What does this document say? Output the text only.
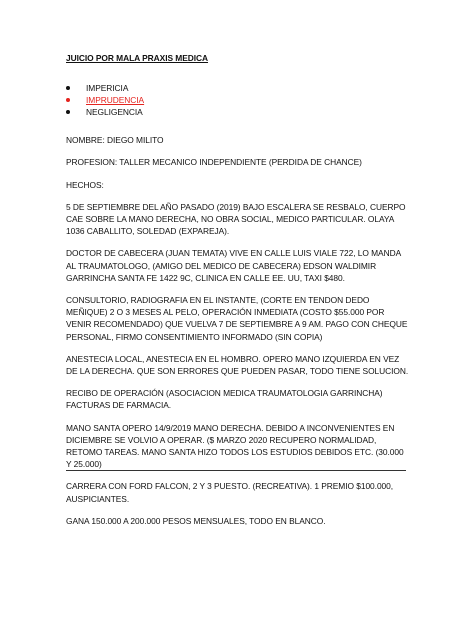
JUICIO POR MALA PRAXIS MEDICA
IMPERICIA
IMPRUDENCIA
NEGLIGENCIA

NOMBRE: DIEGO MILITO

PROFESION: TALLER MECANICO INDEPENDIENTE (PERDIDA DE CHANCE)

HECHOS:

5 DE SEPTIEMBRE DEL AÑO PASADO (2019) BAJO ESCALERA SE RESBALO, CUERPO CAE SOBRE LA MANO DERECHA, NO OBRA SOCIAL, MEDICO PARTICULAR. OLAYA 1036 CABALLITO, SOLEDAD (EXPAREJA).

DOCTOR DE CABECERA (JUAN TEMATA) VIVE EN CALLE LUIS VIALE 722, LO MANDA AL TRAUMATOLOGO, (AMIGO DEL MEDICO DE CABECERA) EDSON WALDIMIR GARRINCHA SANTA FE 1422 9C, CLINICA EN CALLE EE. UU, TAXI $480.

CONSULTORIO, RADIOGRAFIA EN EL INSTANTE, (CORTE EN TENDON DEDO MEÑIQUE) 2 O 3 MESES AL PELO, OPERACIÓN INMEDIATA (COSTO $55.000 POR VENIR RECOMENDADO) QUE VUELVA 7 DE SEPTIEMBRE A 9 AM. PAGO CON CHEQUE PERSONAL, FIRMO CONSENTIMIENTO INFORMADO (SIN COPIA)

ANESTECIA LOCAL, ANESTECIA EN EL HOMBRO. OPERO MANO IZQUIERDA EN VEZ DE LA DERECHA. QUE SON ERRORES QUE PUEDEN PASAR, TODO TIENE SOLUCION.

RECIBO DE OPERACIÓN (ASOCIACION MEDICA TRAUMATOLOGIA GARRINCHA) FACTURAS DE FARMACIA.

MANO SANTA OPERO 14/9/2019 MANO DERECHA. DEBIDO A INCONVENIENTES EN DICIEMBRE SE VOLVIO A OPERAR. ($ MARZO 2020 RECUPERO NORMALIDAD, RETOMO TAREAS. MANO SANTA HIZO TODOS LOS ESTUDIOS DEBIDOS ETC. (30.000 Y 25.000)

CARRERA CON FORD FALCON, 2 Y 3 PUESTO. (RECREATIVA). 1 PREMIO $100.000, AUSPICIANTES.

GANA 150.000 A 200.000 PESOS MENSUALES, TODO EN BLANCO.
